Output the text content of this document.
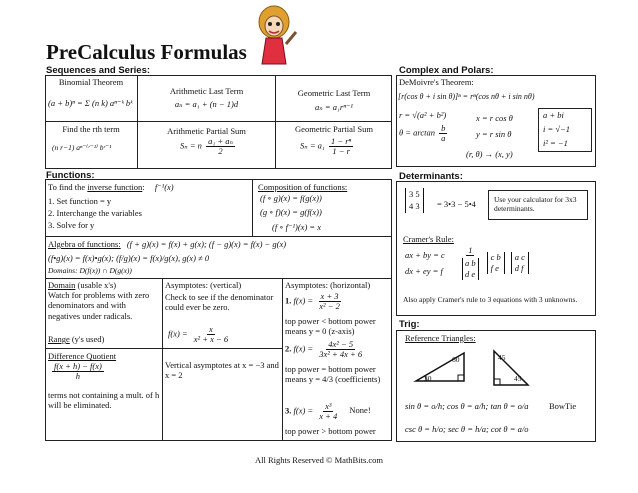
PreCalculus Formulas
Sequences and Series:
Binomial Theorem
(a + b)ⁿ = Σ (n k) aⁿ⁻ᵏ bᵏ
Arithmetic Last Term
aₙ = a₁ + (n − 1)d
Geometric Last Term
aₙ = a₁rⁿ⁻¹
Find the rth term
(n r−1) aⁿ⁻⁽ʳ⁻¹⁾ bʳ⁻¹
Arithmetic Partial Sum
Sₙ = n $\frac{\text{a₁ + aₙ}}{2}$
Geometric Partial Sum
$S_n = a_1 \frac{\text{1 − rⁿ}}{1 - r}$
Functions:
To find the inverse function: f⁻¹(x)
1. Set function = y
2. Interchange the variables
3. Solve for y
Composition of functions:
(f ∘ g)(x) = f(g(x))
(g ∘ f)(x) = g(f(x))
(f ∘ f⁻¹)(x) = x
Algebra of functions: (f + g)(x) = f(x) + g(x); (f − g)(x) = f(x) − g(x)
(f•g)(x) = f(x)•g(x); (f/g)(x) = f(x)/g(x), g(x) ≠ 0
Domains: D(f(x)) ∩ D(g(x))
Domain (usable x's)
Watch for problems with zero denominators and with negatives under radicals.
Range (y's used)
Difference Quotient
$\frac{f(x + h) - f(x)}{h}$
terms not containing a mult. of h will be eliminated.
Asymptotes: (vertical)
Check to see if the denominator could ever be zero.
$f(x) = \frac{x}{\text{x² + x − 6}}$
Vertical asymptotes at x = −3 and x = 2
Asymptotes: (horizontal)
1. $f(x) = \frac{x + 3}{\text{x² − 2}}$
top power < bottom power means y = 0 (z-axis)
2. $f(x) = \frac{\text{4x² − 5}}{\text{3x² + 4x + 6}}$
top power = bottom power means y = 4/3 (coefficients)
3. $f(x) = \frac{\text{x³}}{x + 4}$ None!
top power > bottom power
Complex and Polars:
DeMoivre's Theorem:
[r(cos θ + i sin θ)]ⁿ = rⁿ(cos nθ + i sin nθ)
r = √(a² + b²)
$\theta = \arctan \frac{b}{a}$
x = r cos θ
y = r sin θ
(r, θ) → (x, y)
a + bi
i = √−1
i² = −1
Determinants:
3 5
4 3 = 3•3 − 5•4 Use your calculator for 3x3 determinants.
Cramer's Rule:
ax + by = c
dx + ey = f 1
a b
d e c b
f e
a c
d f
Also apply Cramer's rule to 3 equations with 3 unknowns.
Trig:
Reference Triangles:
30
60	45
45
sin θ = o/h; cos θ = a/h; tan θ = o/a BowTie
csc θ = h/o; sec θ = h/a; cot θ = a/o
All Rights Reserved © MathBits.com
